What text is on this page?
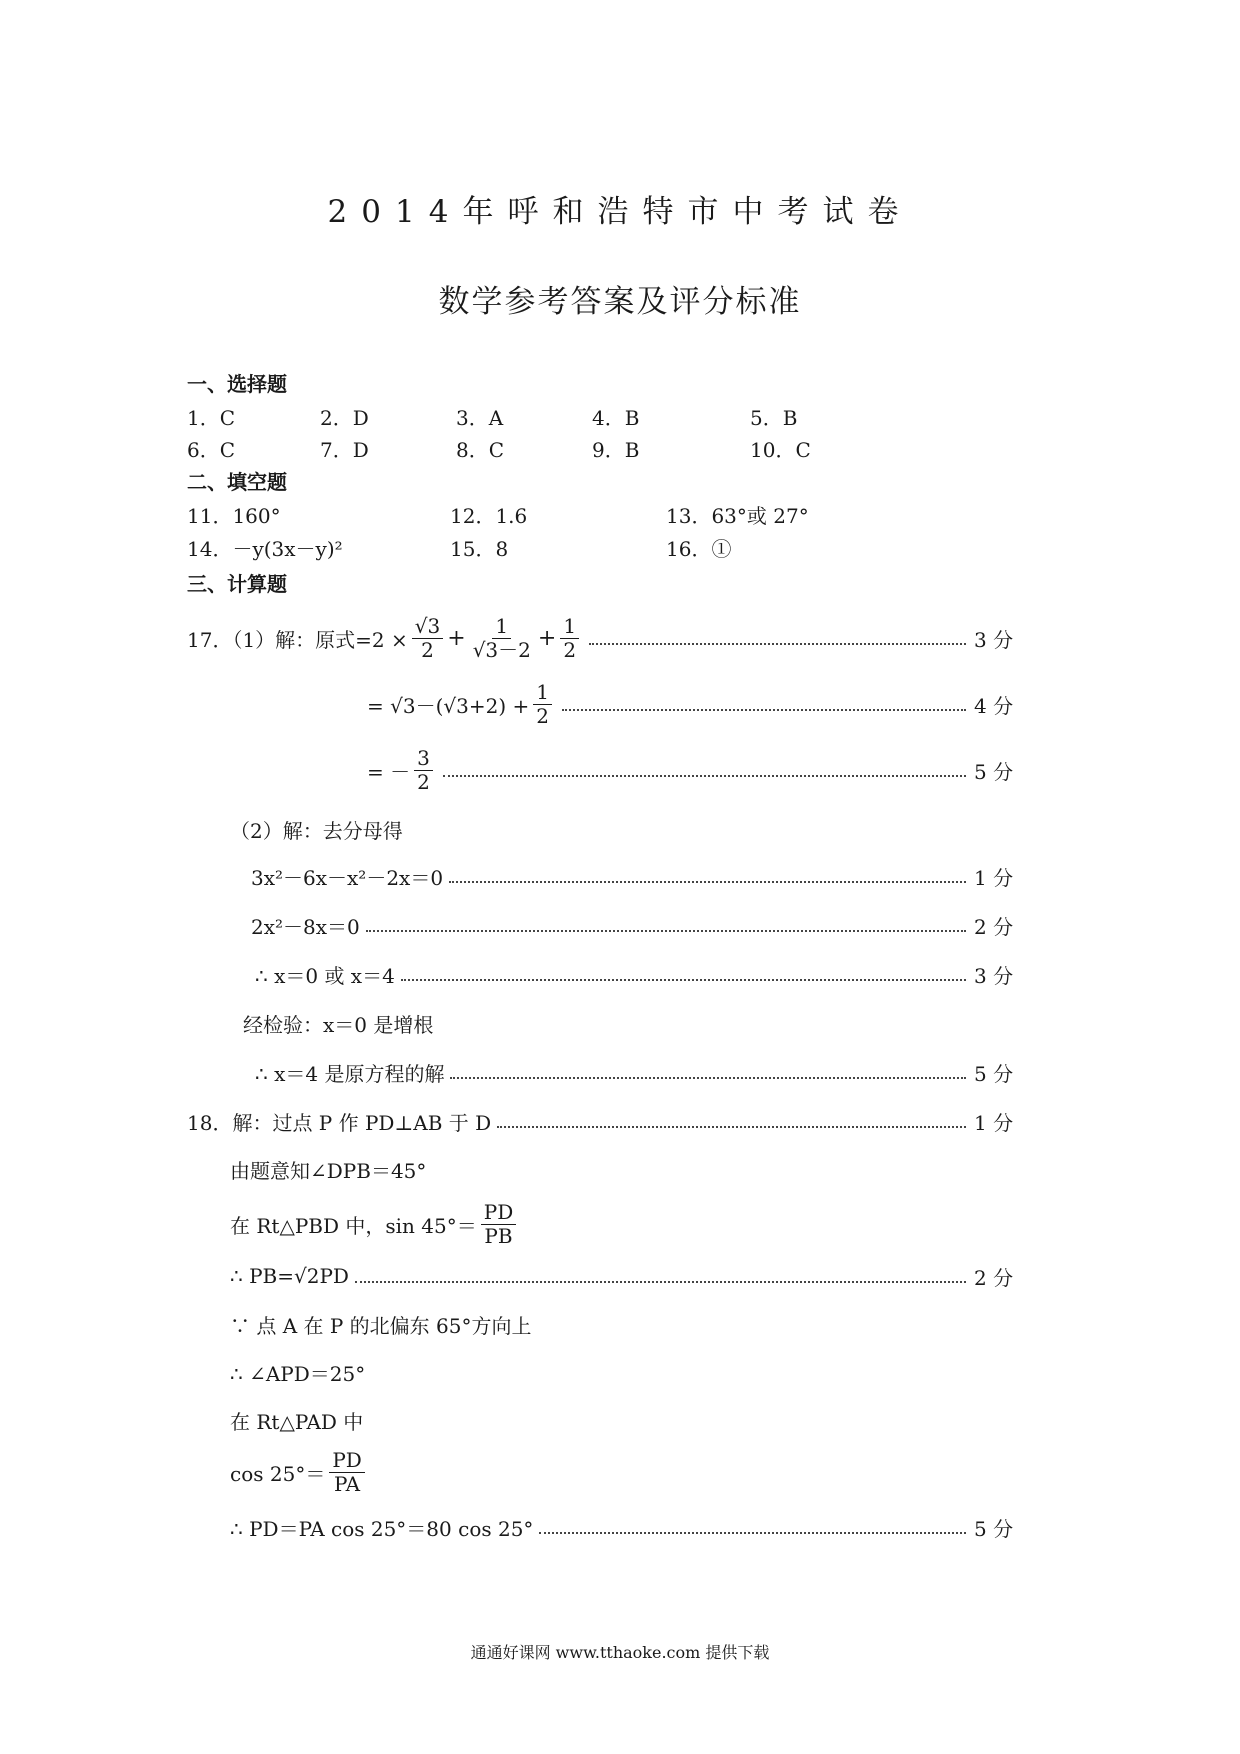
2014年呼和浩特市中考试卷
数学参考答案及评分标准
一、选择题
1．C	2．D	3．A	4．B	5．B
6．C	7．D	8．C	9．B	10．C
二、填空题
11．160°	12．1.6	13．63°或 27°
14．－y(3x－y)²	15．8	16．①
三、计算题
17．（1）解：原式$=2 \times \frac{√3}{2} + \frac{1}{√3-2} + \frac{1}{2}$	3 分
= $√3-(√3+2) + \frac{1}{2}$	4 分
= － $\frac{3}{2}$	5 分
（2）解：去分母得
3x²－6x－x²－2x＝0	1 分
2x²－8x＝0	2 分
∴ x＝0 或 x＝4	3 分
经检验：x＝0 是增根
∴ x＝4 是原方程的解	5 分
18．解：过点 P 作 PD⊥AB 于 D	1 分
由题意知∠DPB＝45°
在 Rt△PBD 中，$\sin 45^\circ= \frac{PD}{PB}$
∴ PB=√2PD	2 分
∵ 点 A 在 P 的北偏东 65°方向上
∴ ∠APD＝25°
在 Rt△PAD 中
$\cos 25^\circ= \frac{PD}{PA}$
∴ PD＝PA cos 25°＝80 cos 25°	5 分
通通好课网 www.tthaoke.com 提供下载
